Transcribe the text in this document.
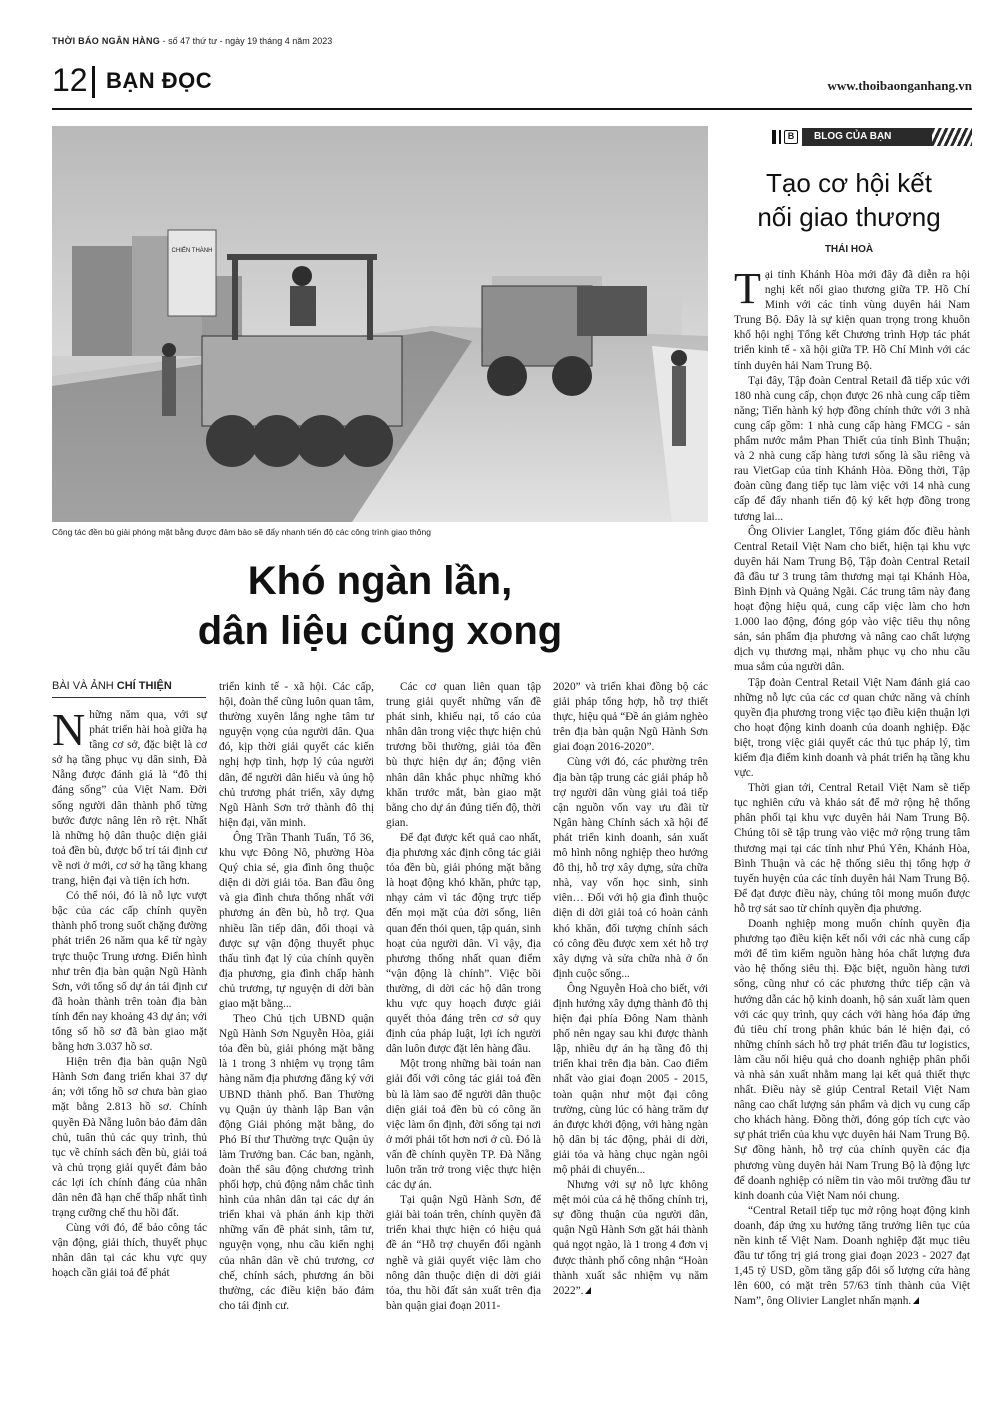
THỜI BÁO NGÂN HÀNG - số 47 thứ tư - ngày 19 tháng 4 năm 2023
12 BẠN ĐỌC	www.thoibaonganhang.vn
CHIẾN THÀNH
Công tác đền bù giải phóng mặt bằng được đảm bảo sẽ đẩy nhanh tiến độ các công trình giao thông
Khó ngàn lần,
dân liệu cũng xong
BÀI VÀ ẢNH CHÍ THIỆN

Những năm qua, với sự phát triển hài hoà giữa hạ tầng cơ sở, đặc biệt là cơ sở hạ tầng phục vụ dân sinh, Đà Nẵng được đánh giá là “đô thị đáng sống” của Việt Nam. Đời sống người dân thành phố từng bước được nâng lên rõ rệt. Nhất là những hộ dân thuộc diện giải toả đền bù, được bố trí tái định cư về nơi ở mới, cơ sở hạ tầng khang trang, hiện đại và tiện ích hơn.

Có thể nói, đó là nỗ lực vượt bậc của các cấp chính quyền thành phố trong suốt chặng đường phát triển 26 năm qua kể từ ngày trực thuộc Trung ương. Điển hình như trên địa bàn quận Ngũ Hành Sơn, với tổng số dự án tái định cư đã hoàn thành trên toàn địa bàn tính đến nay khoảng 43 dự án; với tổng số hồ sơ đã bàn giao mặt bằng hơn 3.037 hồ sơ.

Hiện trên địa bàn quận Ngũ Hành Sơn đang triển khai 37 dự án; với tổng hồ sơ chưa bàn giao mặt bằng 2.813 hồ sơ. Chính quyền Đà Nẵng luôn bảo đảm dân chủ, tuân thủ các quy trình, thủ tục về chính sách đền bù, giải toả và chủ trọng giải quyết đảm bảo các lợi ích chính đáng của nhân dân nên đã hạn chế thấp nhất tình trạng cưỡng chế thu hồi đất.

Cùng với đó, để bảo công tác vận động, giải thích, thuyết phục nhân dân tại các khu vực quy hoạch cần giải toả để phát

triển kinh tế - xã hội. Các cấp, hội, đoàn thể cũng luôn quan tâm, thường xuyên lắng nghe tâm tư nguyện vọng của người dân. Qua đó, kịp thời giải quyết các kiến nghị hợp tình, hợp lý của người dân, để người dân hiểu và ủng hộ chủ trương phát triển, xây dựng Ngũ Hành Sơn trở thành đô thị hiện đại, văn minh.

Ông Trần Thanh Tuấn, Tổ 36, khu vực Đông Nô, phường Hòa Quý chia sẻ, gia đình ông thuộc diện di dời giải tỏa. Ban đầu ông và gia đình chưa thống nhất với phương án đền bù, hỗ trợ. Qua nhiều lần tiếp dân, đối thoại và được sự vận động thuyết phục thấu tình đạt lý của chính quyền địa phương, gia đình chấp hành chủ trương, tự nguyện di dời bàn giao mặt bằng...

Theo Chủ tịch UBND quận Ngũ Hành Sơn Nguyễn Hòa, giải tỏa đền bù, giải phóng mặt bằng là 1 trong 3 nhiệm vụ trọng tâm hàng năm địa phương đăng ký với UBND thành phố. Ban Thường vụ Quận ủy thành lập Ban vận động Giải phóng mặt bằng, do Phó Bí thư Thường trực Quận ủy làm Trưởng ban. Các ban, ngành, đoàn thể sâu động chương trình phối hợp, chủ động nắm chắc tình hình của nhân dân tại các dự án triển khai và phản ánh kịp thời những vấn đề phát sinh, tâm tư, nguyện vọng, nhu cầu kiến nghị của nhân dân về chủ trương, cơ chế, chính sách, phương án bồi thường, các điều kiện bảo đảm cho tái định cư.

Các cơ quan liên quan tập trung giải quyết những vấn đề phát sinh, khiếu nại, tố cáo của nhân dân trong việc thực hiện chủ trương bồi thường, giải tỏa đền bù thực hiện dự án; động viên nhân dân khắc phục những khó khăn trước mắt, bàn giao mặt bằng cho dự án đúng tiến độ, thời gian.

Để đạt được kết quả cao nhất, địa phương xác định công tác giải tỏa đền bù, giải phóng mặt bằng là hoạt động khó khăn, phức tạp, nhạy cảm vì tác động trực tiếp đến mọi mặt của đời sống, liên quan đến thói quen, tập quán, sinh hoạt của người dân. Vì vậy, địa phương thống nhất quan điểm “vận động là chính”. Việc bồi thường, di dời các hộ dân trong khu vực quy hoạch được giải quyết thỏa đáng trên cơ sở quy định của pháp luật, lợi ích người dân luôn được đặt lên hàng đầu.

Một trong những bài toán nan giải đối với công tác giải toả đền bù là làm sao để người dân thuộc diện giải toả đền bù có công ăn việc làm ổn định, đời sống tại nơi ở mới phải tốt hơn nơi ở cũ. Đó là vấn đề chính quyền TP. Đà Nẵng luôn trăn trở trong việc thực hiện các dự án.

Tại quận Ngũ Hành Sơn, để giải bài toán trên, chính quyền đã triển khai thực hiện có hiệu quả đề án “Hỗ trợ chuyển đổi ngành nghề và giải quyết việc làm cho nông dân thuộc diện di dời giải tỏa, thu hồi đất sản xuất trên địa bàn quận giai đoạn 2011-

2020” và triển khai đồng bộ các giải pháp tổng hợp, hỗ trợ thiết thực, hiệu quả “Đề án giảm nghèo trên địa bàn quận Ngũ Hành Sơn giai đoạn 2016-2020”.

Cùng với đó, các phường trên địa bàn tập trung các giải pháp hỗ trợ người dân vùng giải toả tiếp cận nguồn vốn vay ưu đãi từ Ngân hàng Chính sách xã hội để phát triển kinh doanh, sản xuất mô hình nông nghiệp theo hướng đô thị, hỗ trợ xây dựng, sửa chữa nhà, vay vốn học sinh, sinh viên… Đối với hộ gia đình thuộc diện di dời giải toả có hoàn cảnh khó khăn, đối tượng chính sách có công đều được xem xét hỗ trợ xây dựng và sửa chữa nhà ở ổn định cuộc sống...

Ông Nguyễn Hoà cho biết, với định hướng xây dựng thành đô thị hiện đại phía Đông Nam thành phố nên ngay sau khi được thành lập, nhiều dự án hạ tầng đô thị triển khai trên địa bàn. Cao điểm nhất vào giai đoạn 2005 - 2015, toàn quận như một đại công trường, cùng lúc có hàng trăm dự án được khởi động, với hàng ngàn hộ dân bị tác động, phải di dời, giải tỏa và hàng chục ngàn ngôi mộ phải di chuyển...

Nhưng với sự nỗ lực không mệt mỏi của cả hệ thống chính trị, sự đồng thuận của người dân, quận Ngũ Hành Sơn gặt hái thành quả ngọt ngào, là 1 trong 4 đơn vị được thành phố công nhận “Hoàn thành xuất sắc nhiệm vụ năm 2022”.

B	BLOG CỦA BẠN
Tạo cơ hội kết
nối giao thương
THÁI HOÀ

Tại tỉnh Khánh Hòa mới đây đã diễn ra hội nghị kết nối giao thương giữa TP. Hồ Chí Minh với các tỉnh vùng duyên hải Nam Trung Bộ. Đây là sự kiện quan trọng trong khuôn khổ hội nghị Tổng kết Chương trình Hợp tác phát triển kinh tế - xã hội giữa TP. Hồ Chí Minh với các tỉnh duyên hải Nam Trung Bộ.

Tại đây, Tập đoàn Central Retail đã tiếp xúc với 180 nhà cung cấp, chọn được 26 nhà cung cấp tiềm năng; Tiến hành ký hợp đồng chính thức với 3 nhà cung cấp gồm: 1 nhà cung cấp hàng FMCG - sản phẩm nước mắm Phan Thiết của tỉnh Bình Thuận; và 2 nhà cung cấp hàng tươi sống là sầu riêng và rau VietGap của tỉnh Khánh Hòa. Đồng thời, Tập đoàn cũng đang tiếp tục làm việc với 14 nhà cung cấp để đẩy nhanh tiến độ ký kết hợp đồng trong tương lai...

Ông Olivier Langlet, Tổng giám đốc điều hành Central Retail Việt Nam cho biết, hiện tại khu vực duyên hải Nam Trung Bộ, Tập đoàn Central Retail đã đầu tư 3 trung tâm thương mại tại Khánh Hòa, Bình Định và Quảng Ngãi. Các trung tâm này đang hoạt động hiệu quả, cung cấp việc làm cho hơn 1.000 lao động, đóng góp vào việc tiêu thụ nông sản, sản phẩm địa phương và nâng cao chất lượng dịch vụ thương mại, nhằm phục vụ cho nhu cầu mua sắm của người dân.

Tập đoàn Central Retail Việt Nam đánh giá cao những nỗ lực của các cơ quan chức năng và chính quyền địa phương trong việc tạo điều kiện thuận lợi cho hoạt động kinh doanh của doanh nghiệp. Đặc biệt, trong việc giải quyết các thủ tục pháp lý, tìm kiếm địa điểm kinh doanh và phát triển hạ tầng khu vực.

Thời gian tới, Central Retail Việt Nam sẽ tiếp tục nghiên cứu và khảo sát để mở rộng hệ thống phân phối tại khu vực duyên hải Nam Trung Bộ. Chúng tôi sẽ tập trung vào việc mở rộng trung tâm thương mại tại các tỉnh như Phú Yên, Khánh Hòa, Bình Thuận và các hệ thống siêu thị tổng hợp ở tuyến huyện của các tỉnh duyên hải Nam Trung Bộ. Để đạt được điều này, chúng tôi mong muốn được hỗ trợ sát sao từ chính quyền địa phương.

Doanh nghiệp mong muốn chính quyền địa phương tạo điều kiện kết nối với các nhà cung cấp mới để tìm kiếm nguồn hàng hóa chất lượng đưa vào hệ thống siêu thị. Đặc biệt, nguồn hàng tươi sống, cũng như có các phương thức tiếp cận và hướng dẫn các hộ kinh doanh, hộ sản xuất làm quen với các quy trình, quy cách với hàng hóa đáp ứng đủ tiêu chí trong phân khúc bán lẻ hiện đại, có những chính sách hỗ trợ phát triển đầu tư logistics, làm cầu nối hiệu quả cho doanh nghiệp phân phối và nhà sản xuất nhằm mang lại kết quả thiết thực nhất. Điều này sẽ giúp Central Retail Việt Nam nâng cao chất lượng sản phẩm và dịch vụ cung cấp cho khách hàng. Đồng thời, đóng góp tích cực vào sự phát triển của khu vực duyên hải Nam Trung Bộ. Sự đồng hành, hỗ trợ của chính quyền các địa phương vùng duyên hải Nam Trung Bộ là động lực để doanh nghiệp có niềm tin vào môi trường đầu tư kinh doanh của Việt Nam nói chung.

“Central Retail tiếp tục mở rộng hoạt động kinh doanh, đáp ứng xu hướng tăng trưởng liên tục của nền kinh tế Việt Nam. Doanh nghiệp đặt mục tiêu đầu tư tổng trị giá trong giai đoạn 2023 - 2027 đạt 1,45 tỷ USD, gồm tăng gấp đôi số lượng cửa hàng lên 600, có mặt trên 57/63 tỉnh thành của Việt Nam”, ông Olivier Langlet nhấn mạnh.
